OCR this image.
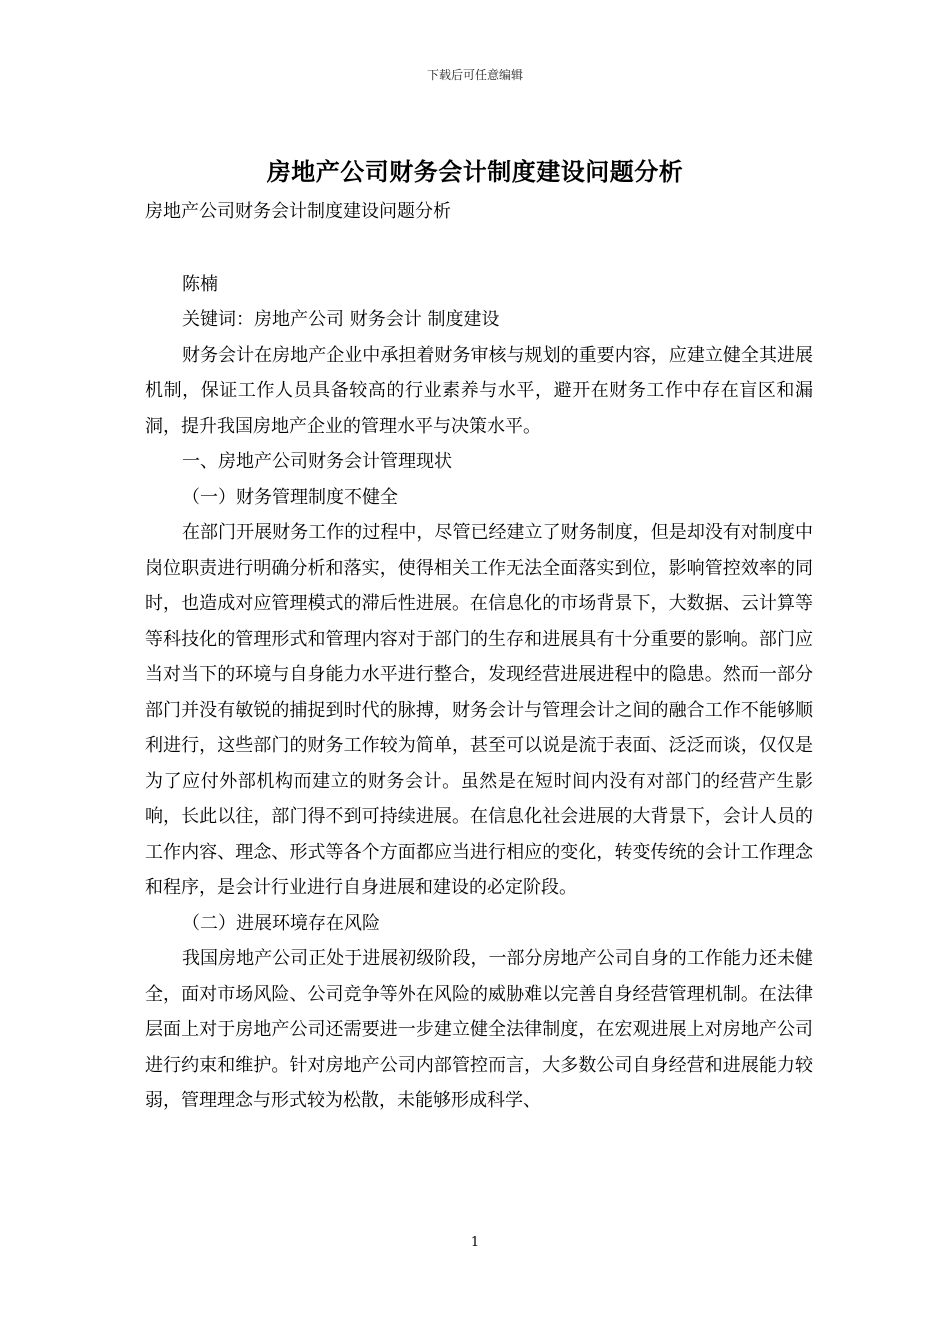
下载后可任意编辑
房地产公司财务会计制度建设问题分析

房地产公司财务会计制度建设问题分析

陈楠

关键词：房地产公司 财务会计 制度建设

财务会计在房地产企业中承担着财务审核与规划的重要内容，应建立健全其进展机制，保证工作人员具备较高的行业素养与水平，避开在财务工作中存在盲区和漏洞，提升我国房地产企业的管理水平与决策水平。

一、房地产公司财务会计管理现状

（一）财务管理制度不健全

在部门开展财务工作的过程中，尽管已经建立了财务制度，但是却没有对制度中岗位职责进行明确分析和落实，使得相关工作无法全面落实到位，影响管控效率的同时，也造成对应管理模式的滞后性进展。在信息化的市场背景下，大数据、云计算等等科技化的管理形式和管理内容对于部门的生存和进展具有十分重要的影响。部门应当对当下的环境与自身能力水平进行整合，发现经营进展进程中的隐患。然而一部分部门并没有敏锐的捕捉到时代的脉搏，财务会计与管理会计之间的融合工作不能够顺利进行，这些部门的财务工作较为简单，甚至可以说是流于表面、泛泛而谈，仅仅是为了应付外部机构而建立的财务会计。虽然是在短时间内没有对部门的经营产生影响，长此以往，部门得不到可持续进展。在信息化社会进展的大背景下，会计人员的工作内容、理念、形式等各个方面都应当进行相应的变化，转变传统的会计工作理念和程序，是会计行业进行自身进展和建设的必定阶段。

（二）进展环境存在风险

我国房地产公司正处于进展初级阶段，一部分房地产公司自身的工作能力还未健全，面对市场风险、公司竞争等外在风险的威胁难以完善自身经营管理机制。在法律层面上对于房地产公司还需要进一步建立健全法律制度，在宏观进展上对房地产公司进行约束和维护。针对房地产公司内部管控而言，大多数公司自身经营和进展能力较弱，管理理念与形式较为松散，未能够形成科学、

1
